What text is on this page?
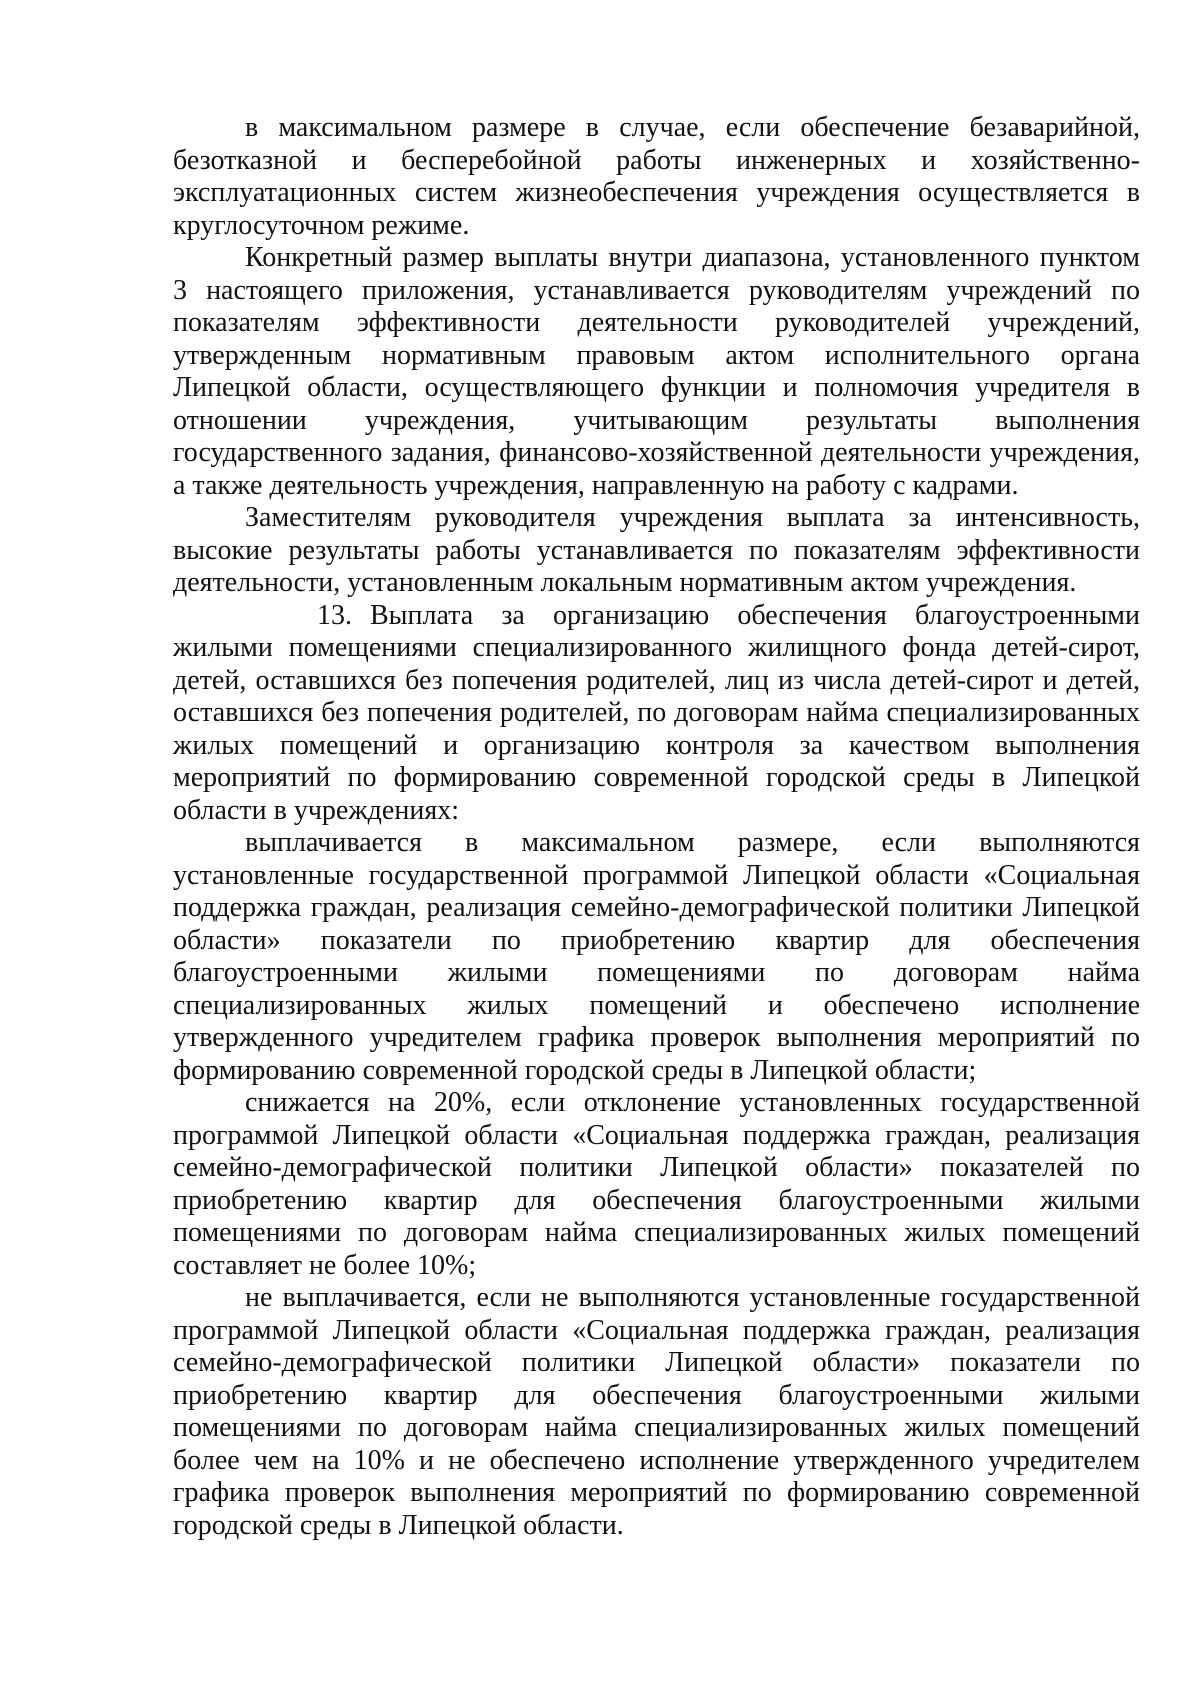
в максимальном размере в случае, если обеспечение безаварийной, безотказной и бесперебойной работы инженерных и хозяйственно-эксплуатационных систем жизнеобеспечения учреждения осуществляется в круглосуточном режиме.

Конкретный размер выплаты внутри диапазона, установленного пунктом 3 настоящего приложения, устанавливается руководителям учреждений по показателям эффективности деятельности руководителей учреждений, утвержденным нормативным правовым актом исполнительного органа Липецкой области, осуществляющего функции и полномочия учредителя в отношении учреждения, учитывающим результаты выполнения государственного задания, финансово-хозяйственной деятельности учреждения, а также деятельность учреждения, направленную на работу с кадрами.

Заместителям руководителя учреждения выплата за интенсивность, высокие результаты работы устанавливается по показателям эффективности деятельности, установленным локальным нормативным актом учреждения.

13. Выплата за организацию обеспечения благоустроенными жилыми помещениями специализированного жилищного фонда детей-сирот, детей, оставшихся без попечения родителей, лиц из числа детей-сирот и детей, оставшихся без попечения родителей, по договорам найма специализированных жилых помещений и организацию контроля за качеством выполнения мероприятий по формированию современной городской среды в Липецкой области в учреждениях:

выплачивается в максимальном размере, если выполняются установленные государственной программой Липецкой области «Социальная поддержка граждан, реализация семейно-демографической политики Липецкой области» показатели по приобретению квартир для обеспечения благоустроенными жилыми помещениями по договорам найма специализированных жилых помещений и обеспечено исполнение утвержденного учредителем графика проверок выполнения мероприятий по формированию современной городской среды в Липецкой области;

снижается на 20%, если отклонение установленных государственной программой Липецкой области «Социальная поддержка граждан, реализация семейно-демографической политики Липецкой области» показателей по приобретению квартир для обеспечения благоустроенными жилыми помещениями по договорам найма специализированных жилых помещений составляет не более 10%;

не выплачивается, если не выполняются установленные государственной программой Липецкой области «Социальная поддержка граждан, реализация семейно-демографической политики Липецкой области» показатели по приобретению квартир для обеспечения благоустроенными жилыми помещениями по договорам найма специализированных жилых помещений более чем на 10% и не обеспечено исполнение утвержденного учредителем графика проверок выполнения мероприятий по формированию современной городской среды в Липецкой области.
